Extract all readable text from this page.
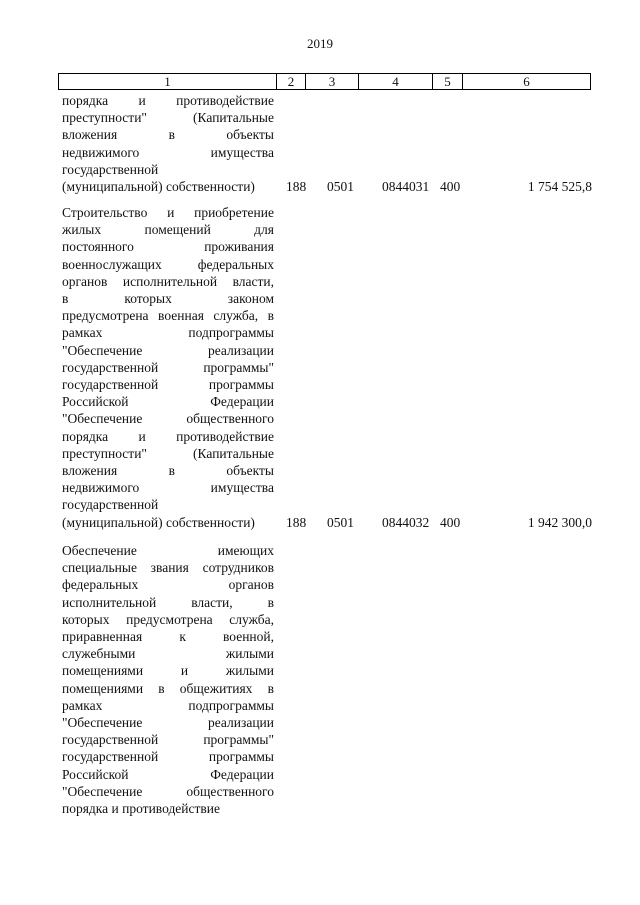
2019
1	2	3	4	5	6

порядка и противодействие

преступности" (Капитальные

вложения в объекты

недвижимого имущества

государственной

(муниципальной) собственности)	188 0501 0844031 400	1 754 525,8

Строительство и приобретение

жилых помещений для

постоянного проживания

военнослужащих федеральных

органов исполнительной власти,

в которых законом

предусмотрена военная служба, в

рамках подпрограммы

"Обеспечение реализации

государственной программы"

государственной программы

Российской Федерации

"Обеспечение общественного

порядка и противодействие

преступности" (Капитальные

вложения в объекты

недвижимого имущества

государственной

(муниципальной) собственности)	188 0501 0844032 400	1 942 300,0

Обеспечение имеющих

специальные звания сотрудников

федеральных органов

исполнительной власти, в

которых предусмотрена служба,

приравненная к военной,

служебными жилыми

помещениями и жилыми

помещениями в общежитиях в

рамках подпрограммы

"Обеспечение реализации

государственной программы"

государственной программы

Российской Федерации

"Обеспечение общественного

порядка и противодействие
